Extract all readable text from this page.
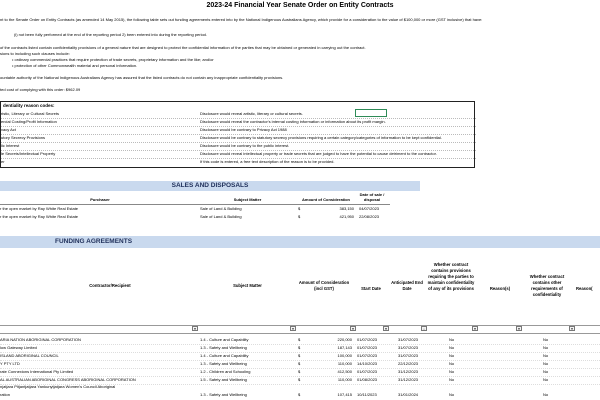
2023-24 Financial Year Senate Order on Entity Contracts
nt to the Senate Order on Entity Contracts (as amended 14 May 2015), the following table sets out funding agreements entered into by the National Indigenous Australians Agency, which provide for a consideration to the value of $100,000 or more (GST inclusive) that have:
(i) not been fully performed at the end of the reporting period 2) been entered into during the reporting period.
of the contracts listed contain confidentiality provisions of a general nature that are designed to protect the confidential information of the parties that may be obtained or generated in carrying out the contract.
sions to including such clauses include:
• ordinary commercial practices that require protection of trade secrets, proprietary information and the like; and/or
• protection of other Commonwealth material and personal information.
ountable authority of the National Indigenous Australians Agency has assured that the listed contracts do not contain any inappropriate confidentiality provisions.
ted cost of complying with this order: $962.09
dentiality reason codes:
ristic, Literary or Cultural Secrets	Disclosure would reveal artistic, literary or cultural secrets.
ercial Costing/Profit Information	Disclosure would reveal the contractor's internal costing information or information about its profit margin.
vacy Act	Disclosure would be contrary to Privacy Act 1988
utory Secrecy Provisions	Disclosure would be contrary to statutory secrecy provisions requiring a certain category/categories of information to be kept confidential.
lic Interest	Disclosure would be contrary to the public interest.
le Secrets/Intellectual Property	Disclosure would reveal intellectual property or trade secrets that are judged to have the potential to cause detriment to the contractor.
er	If this code is entered, a free text description of the reason is to be provided.
SALES AND DISPOSALS
Purchaser	Subject Matter	Amount of Consideration
Date of sale / disposal
r the open market by Ray White Real Estate	Sale of Land & Building	$	383,150 04/07/2023
r the open market by Ray White Real Estate	Sale of Land & Building	$	421,950 22/08/2023
FUNDING AGREEMENTS
Contractor/Recipient	Subject Matter
Amount of Consideration (incl GST)	Start Date
Anticipated End Date
Whether contract contains provisions requiring the parties to maintain confidentiality of any of its provisions	Reason(s)
Whether contract contains other requirements of confidentiality
Reason(
▾	▾	▾	▾	↓	▾	▾	▾
ARIA NATION ABORIGINAL CORPORATION	1.4 - Culture and Capability	$	220,000 01/07/2023	31/07/2023	No	No
low Gateway Limited	1.3 - Safety and Wellbeing	$	187,143 01/07/2023	31/07/2023	No	No
ISLAND ABORIGINAL COUNCIL	1.4 - Culture and Capability	$	100,000 01/07/2023	31/07/2023	No	No
Y PTY LTD	1.3 - Safety and Wellbeing	$	110,000 14/10/2023	22/12/2023	No	No
rate Connexions International Pty Limited	1.2 - Children and Schooling	$	412,500 01/07/2023	31/12/2023	No	No
AL AUSTRALIAN ABORIGINAL CONGRESS ABORIGINAL CORPORATION	1.5 - Safety and Wellbeing	$	110,000 01/08/2023	31/12/2023	No	No
njatjara Pitjantjatjara Yankunytjatjara Women's Council Aboriginal
ration	1.3 - Safety and Wellbeing	$	107,415 10/11/2023	31/01/2024	No	No
